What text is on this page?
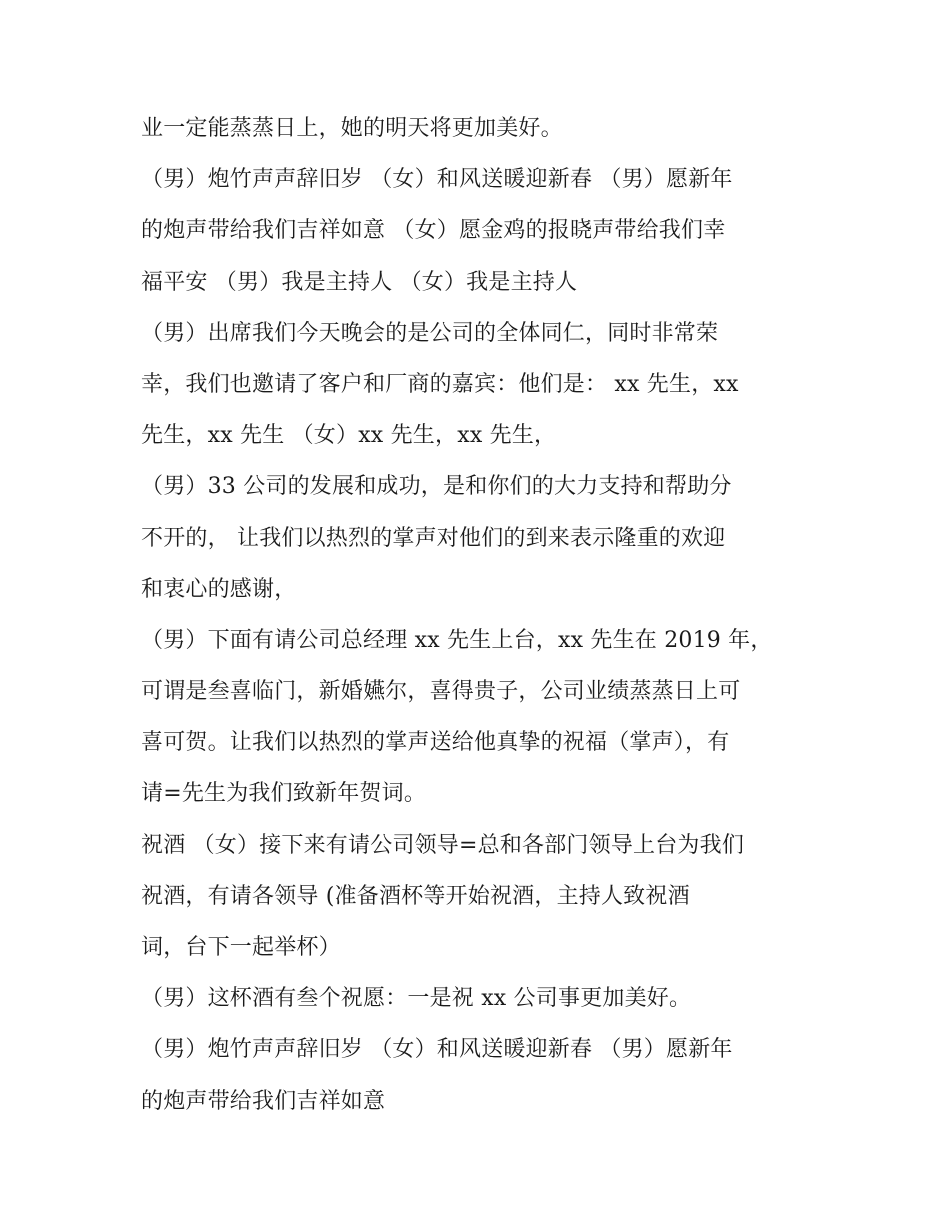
业一定能蒸蒸日上，她的明天将更加美好。
（男）炮竹声声辞旧岁 （女）和风送暖迎新春 （男）愿新年
的炮声带给我们吉祥如意 （女）愿金鸡的报晓声带给我们幸
福平安 （男）我是主持人 （女）我是主持人
（男）出席我们今天晚会的是公司的全体同仁，同时非常荣
幸，我们也邀请了客户和厂商的嘉宾：他们是： xx 先生，xx
先生，xx 先生 （女）xx 先生，xx 先生，
（男）33 公司的发展和成功，是和你们的大力支持和帮助分
不开的， 让我们以热烈的掌声对他们的到来表示隆重的欢迎
和衷心的感谢，
（男）下面有请公司总经理 xx 先生上台，xx 先生在 2019 年，
可谓是叁喜临门，新婚嬿尔，喜得贵子，公司业绩蒸蒸日上可
喜可贺。让我们以热烈的掌声送给他真挚的祝福（掌声），有
请=先生为我们致新年贺词。
祝酒 （女）接下来有请公司领导=总和各部门领导上台为我们
祝酒，有请各领导 (准备酒杯等开始祝酒，主持人致祝酒
词，台下一起举杯）
（男）这杯酒有叁个祝愿：一是祝 xx 公司事更加美好。
（男）炮竹声声辞旧岁 （女）和风送暖迎新春 （男）愿新年
的炮声带给我们吉祥如意
